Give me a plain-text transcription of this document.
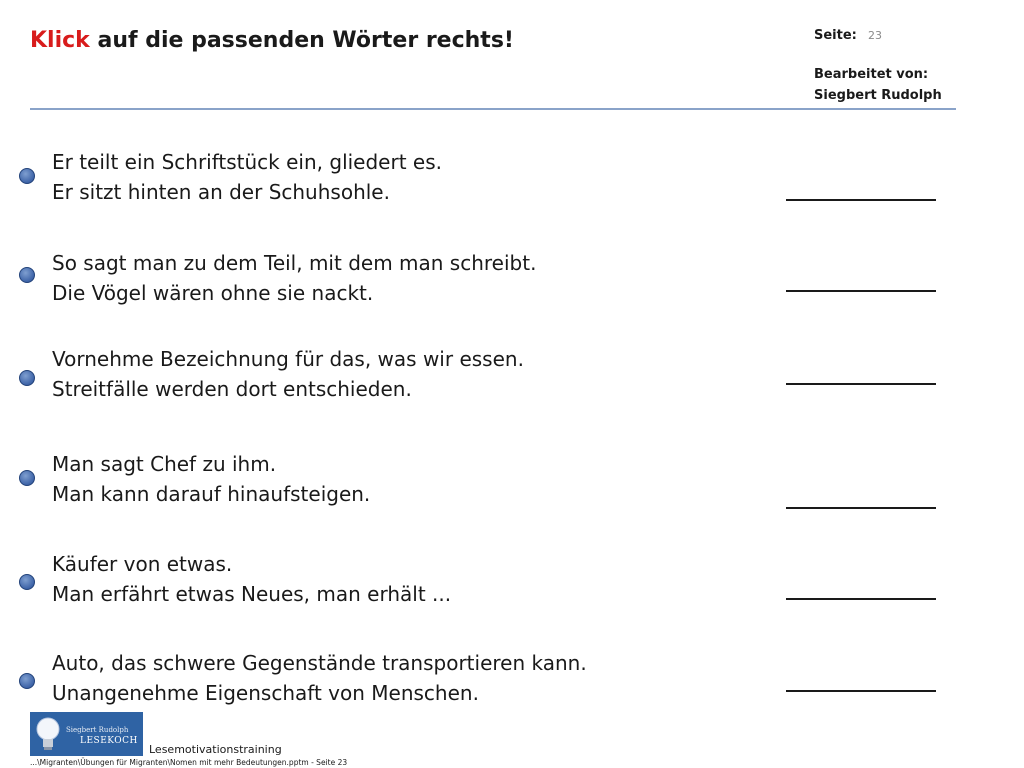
Klick auf die passenden Wörter rechts!	Seite: 23
Bearbeitet von:
Siegbert Rudolph
Er teilt ein Schriftstück ein, gliedert es.
Er sitzt hinten an der Schuhsohle.
So sagt man zu dem Teil, mit dem man schreibt.
Die Vögel wären ohne sie nackt.
Vornehme Bezeichnung für das, was wir essen.
Streitfälle werden dort entschieden.
Man sagt Chef zu ihm.
Man kann darauf hinaufsteigen.
Käufer von etwas.
Man erfährt etwas Neues, man erhält ...
Auto, das schwere Gegenstände transportieren kann.
Unangenehme Eigenschaft von Menschen.
Siegbert Rudolph
LESEKOCH
Lesemotivationstraining
...\Migranten\Übungen für Migranten\Nomen mit mehr Bedeutungen.pptm - Seite 23
